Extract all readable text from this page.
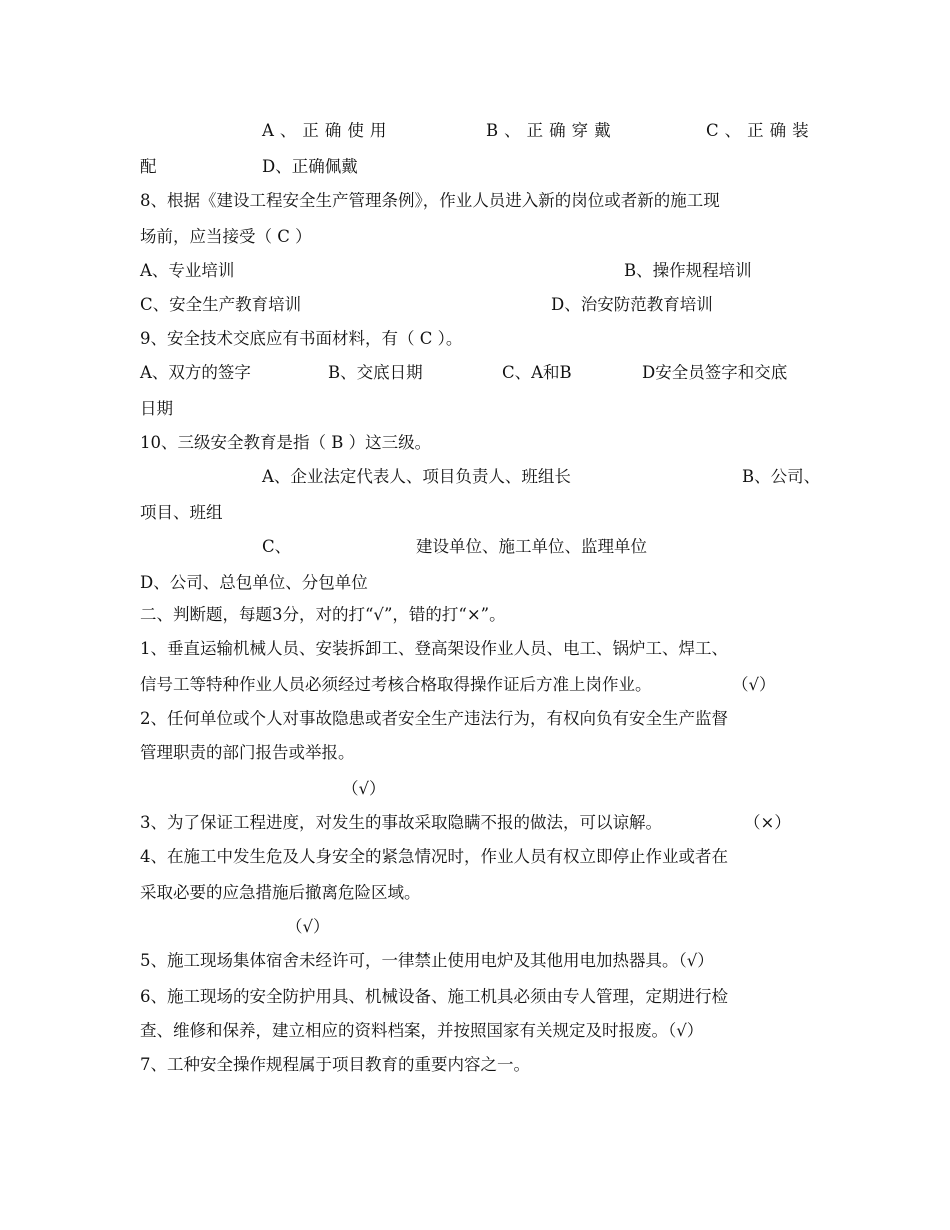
A、正确使用	B、正确穿戴	C、正确装
配	D、正确佩戴
8、根据《建设工程安全生产管理条例》，作业人员进入新的岗位或者新的施工现
场前，应当接受（ C ）
A、专业培训	B、操作规程培训
C、安全生产教育培训	D、治安防范教育培训
9、安全技术交底应有书面材料，有（ C ）。
A、双方的签字	B、交底日期	C、A和B	D安全员签字和交底
日期
10、三级安全教育是指（ B ）这三级。
A、企业法定代表人、项目负责人、班组长	B、公司、
项目、班组
C、	建设单位、施工单位、监理单位
D、公司、总包单位、分包单位
二、判断题，每题3分，对的打“√”，错的打“×”。
1、垂直运输机械人员、安装拆卸工、登高架设作业人员、电工、锅炉工、焊工、
信号工等特种作业人员必须经过考核合格取得操作证后方准上岗作业。	（√）
2、任何单位或个人对事故隐患或者安全生产违法行为，有权向负有安全生产监督
管理职责的部门报告或举报。
（√）
3、为了保证工程进度，对发生的事故采取隐瞒不报的做法，可以谅解。	（×）
4、在施工中发生危及人身安全的紧急情况时，作业人员有权立即停止作业或者在
采取必要的应急措施后撤离危险区域。
（√）
5、施工现场集体宿舍未经许可，一律禁止使用电炉及其他用电加热器具。（√）
6、施工现场的安全防护用具、机械设备、施工机具必须由专人管理，定期进行检
查、维修和保养，建立相应的资料档案，并按照国家有关规定及时报废。（√）
7、工种安全操作规程属于项目教育的重要内容之一。
